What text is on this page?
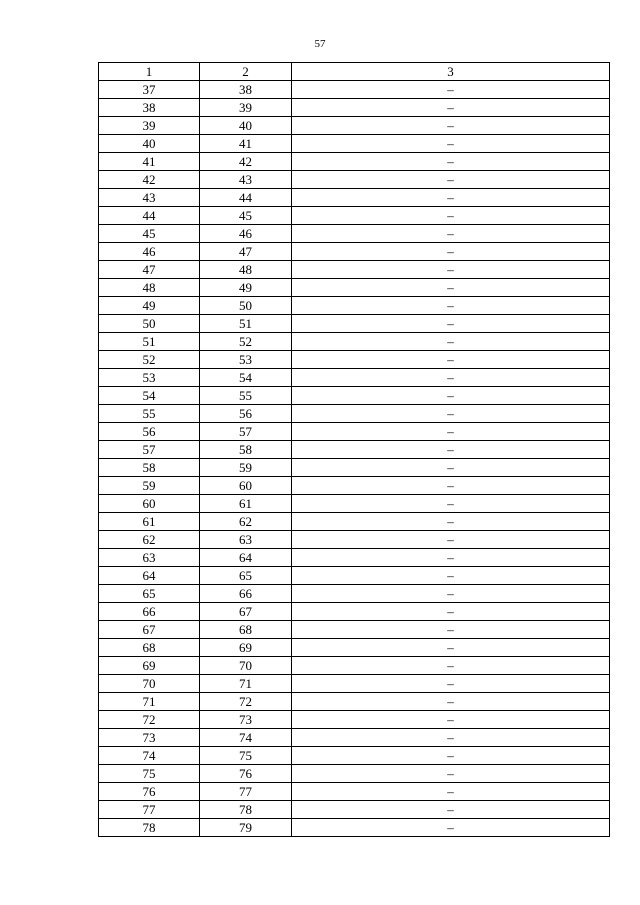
57
1	2	3
37	38	–
38	39	–
39	40	–
40	41	–
41	42	–
42	43	–
43	44	–
44	45	–
45	46	–
46	47	–
47	48	–
48	49	–
49	50	–
50	51	–
51	52	–
52	53	–
53	54	–
54	55	–
55	56	–
56	57	–
57	58	–
58	59	–
59	60	–
60	61	–
61	62	–
62	63	–
63	64	–
64	65	–
65	66	–
66	67	–
67	68	–
68	69	–
69	70	–
70	71	–
71	72	–
72	73	–
73	74	–
74	75	–
75	76	–
76	77	–
77	78	–
78	79	–
